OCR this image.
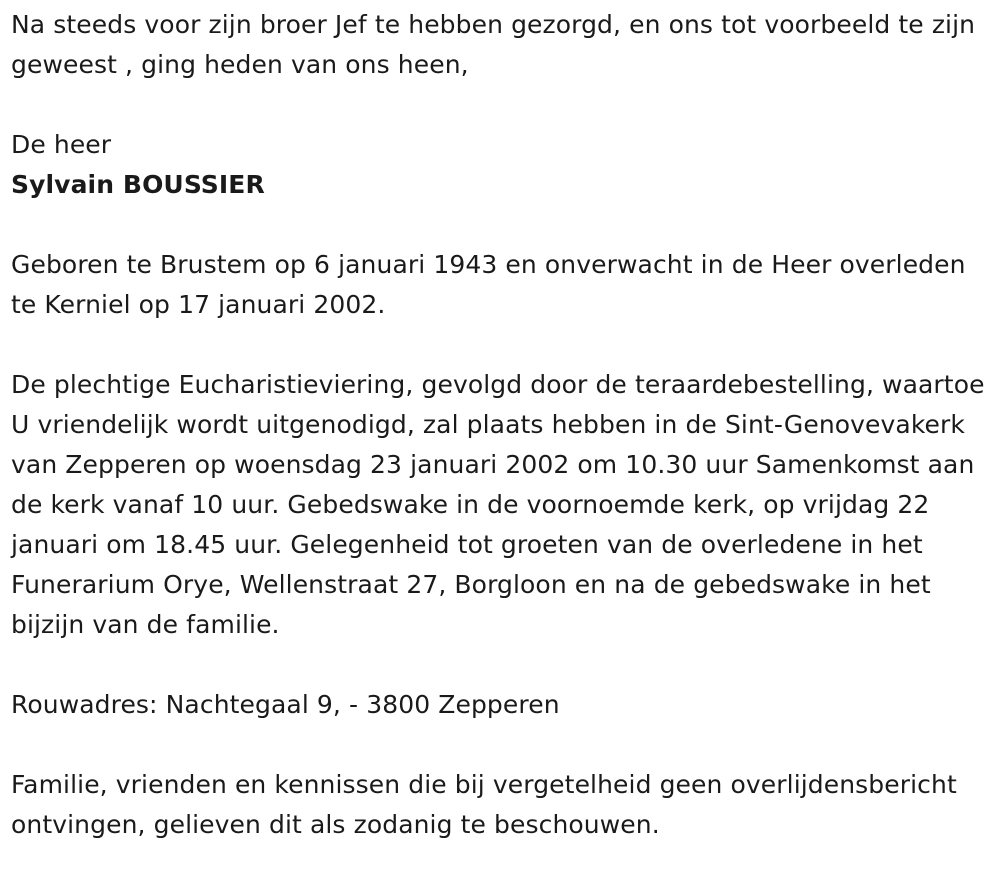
Na steeds voor zijn broer Jef te hebben gezorgd, en ons tot voorbeeld te zijn geweest , ging heden van ons heen,

De heer

Sylvain BOUSSIER

Geboren te Brustem op 6 januari 1943 en onverwacht in de Heer overleden te Kerniel op 17 januari 2002.

De plechtige Eucharistieviering, gevolgd door de teraardebestelling, waartoe U vriendelijk wordt uitgenodigd, zal plaats hebben in de Sint-Genovevakerk van Zepperen op woensdag 23 januari 2002 om 10.30 uur Samenkomst aan de kerk vanaf 10 uur. Gebedswake in de voornoemde kerk, op vrijdag 22 januari om 18.45 uur. Gelegenheid tot groeten van de overledene in het Funerarium Orye, Wellenstraat 27, Borgloon en na de gebedswake in het bijzijn van de familie.

Rouwadres: Nachtegaal 9, - 3800 Zepperen

Familie, vrienden en kennissen die bij vergetelheid geen overlijdensbericht ontvingen, gelieven dit als zodanig te beschouwen.
